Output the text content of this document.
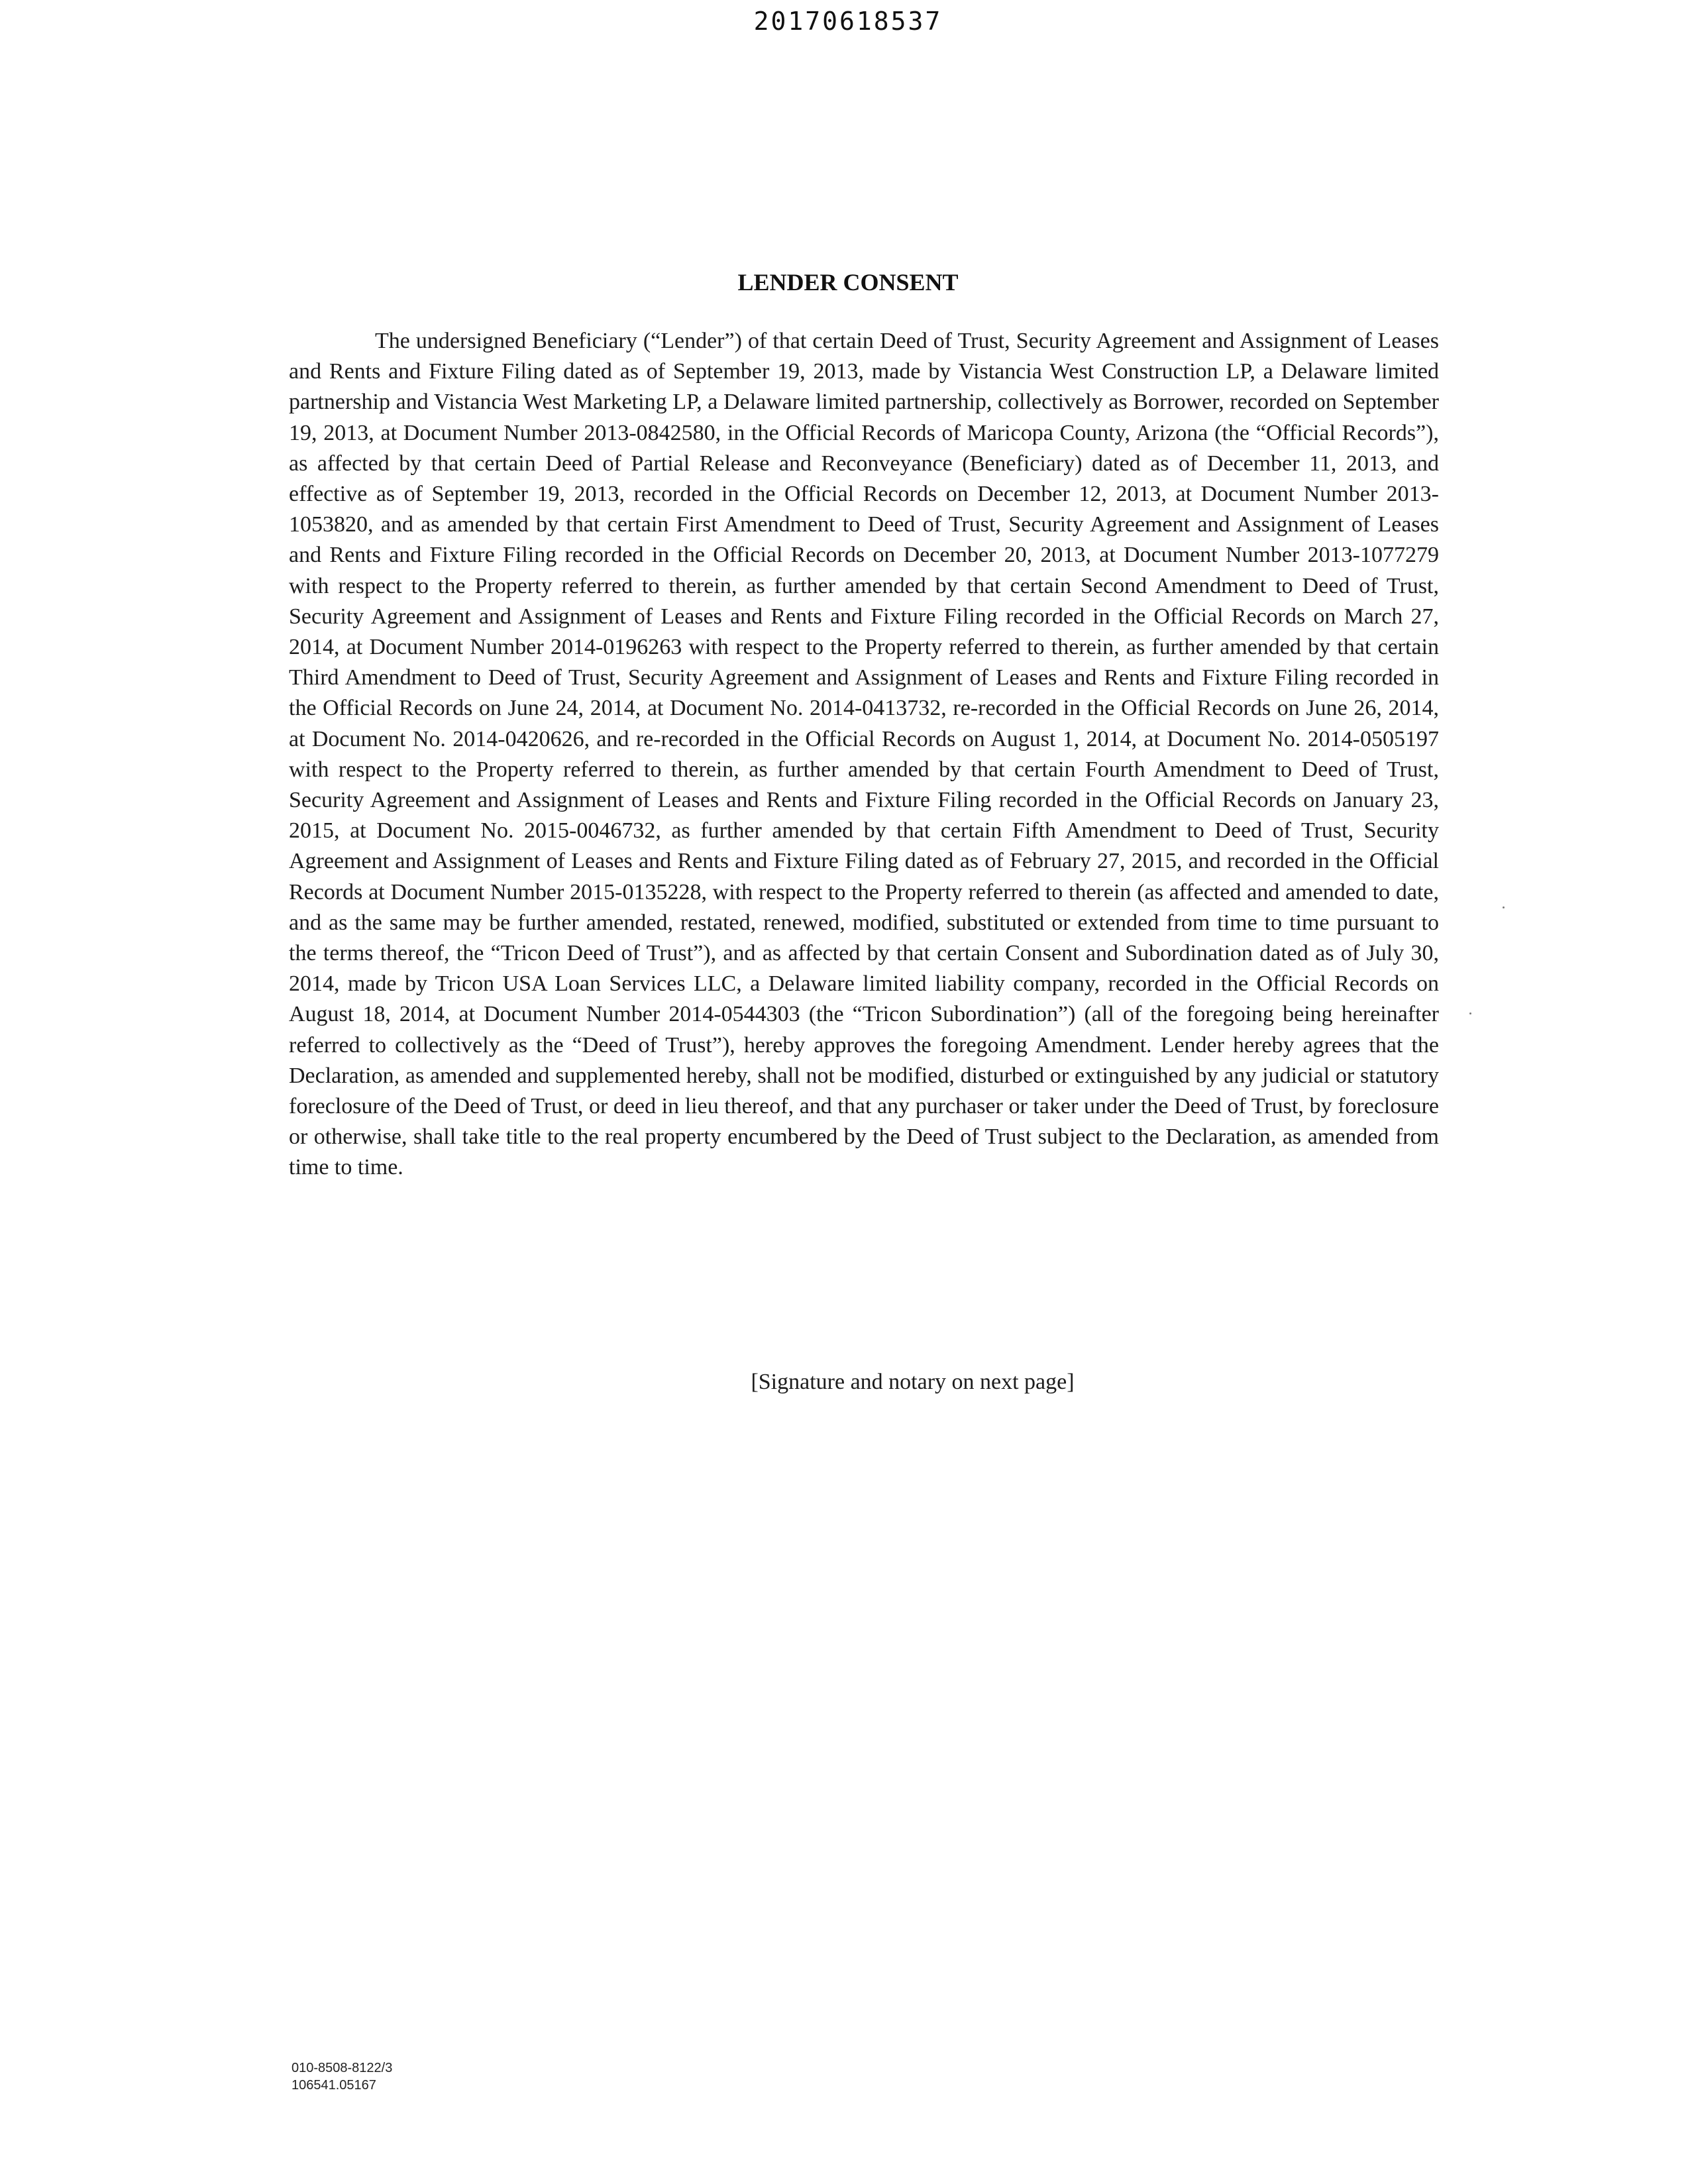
20170618537
LENDER CONSENT

The undersigned Beneficiary (“Lender”) of that certain Deed of Trust, Security Agreement and Assignment of Leases and Rents and Fixture Filing dated as of September 19, 2013, made by Vistancia West Construction LP, a Delaware limited partnership and Vistancia West Marketing LP, a Delaware limited partnership, collectively as Borrower, recorded on September 19, 2013, at Document Number 2013-0842580, in the Official Records of Maricopa County, Arizona (the “Official Records”), as affected by that certain Deed of Partial Release and Reconveyance (Beneficiary) dated as of December 11, 2013, and effective as of September 19, 2013, recorded in the Official Records on December 12, 2013, at Document Number 2013-1053820, and as amended by that certain First Amendment to Deed of Trust, Security Agreement and Assignment of Leases and Rents and Fixture Filing recorded in the Official Records on December 20, 2013, at Document Number 2013-1077279 with respect to the Property referred to therein, as further amended by that certain Second Amendment to Deed of Trust, Security Agreement and Assignment of Leases and Rents and Fixture Filing recorded in the Official Records on March 27, 2014, at Document Number 2014-0196263 with respect to the Property referred to therein, as further amended by that certain Third Amendment to Deed of Trust, Security Agreement and Assignment of Leases and Rents and Fixture Filing recorded in the Official Records on June 24, 2014, at Document No. 2014-0413732, re-recorded in the Official Records on June 26, 2014, at Document No. 2014-0420626, and re-recorded in the Official Records on August 1, 2014, at Document No. 2014-0505197 with respect to the Property referred to therein, as further amended by that certain Fourth Amendment to Deed of Trust, Security Agreement and Assignment of Leases and Rents and Fixture Filing recorded in the Official Records on January 23, 2015, at Document No. 2015-0046732, as further amended by that certain Fifth Amendment to Deed of Trust, Security Agreement and Assignment of Leases and Rents and Fixture Filing dated as of February 27, 2015, and recorded in the Official Records at Document Number 2015-0135228, with respect to the Property referred to therein (as affected and amended to date, and as the same may be further amended, restated, renewed, modified, substituted or extended from time to time pursuant to the terms thereof, the “Tricon Deed of Trust”), and as affected by that certain Consent and Subordination dated as of July 30, 2014, made by Tricon USA Loan Services LLC, a Delaware limited liability company, recorded in the Official Records on August 18, 2014, at Document Number 2014-0544303 (the “Tricon Subordination”) (all of the foregoing being hereinafter referred to collectively as the “Deed of Trust”), hereby approves the foregoing Amendment. Lender hereby agrees that the Declaration, as amended and supplemented hereby, shall not be modified, disturbed or extinguished by any judicial or statutory foreclosure of the Deed of Trust, or deed in lieu thereof, and that any purchaser or taker under the Deed of Trust, by foreclosure or otherwise, shall take title to the real property encumbered by the Deed of Trust subject to the Declaration, as amended from time to time.

[Signature and notary on next page]
010-8508-8122/3
106541.05167
